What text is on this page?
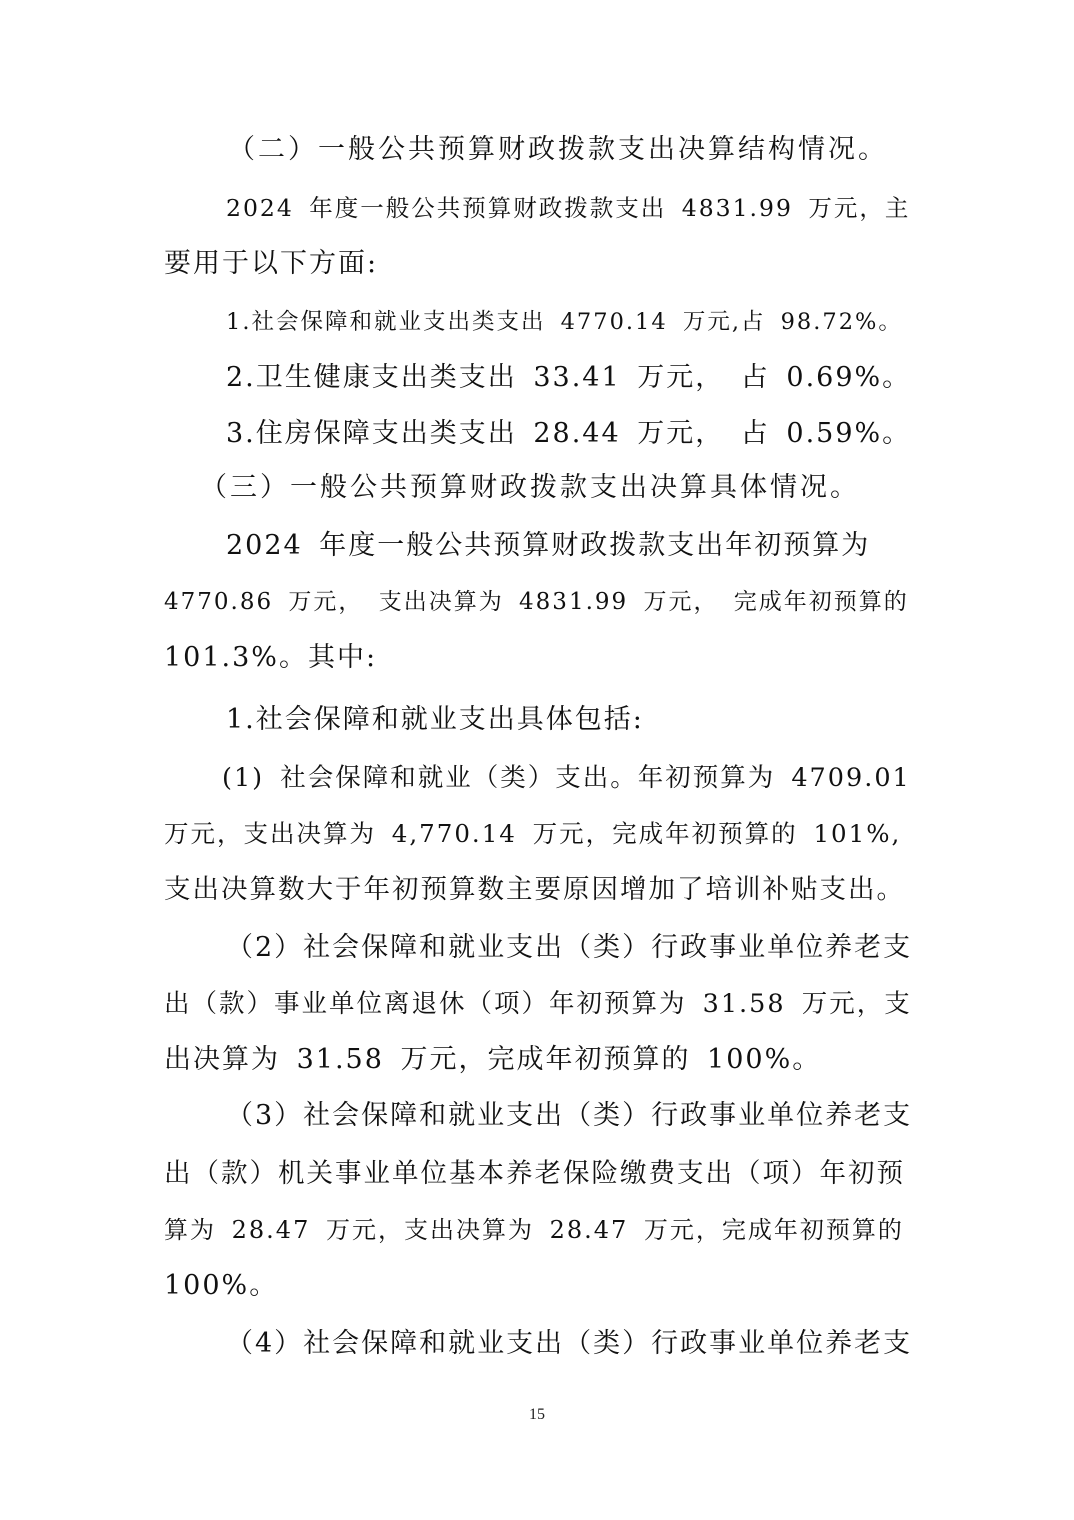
（二）一般公共预算财政拨款支出决算结构情况。
2024 年度一般公共预算财政拨款支出 4831.99 万元，主
要用于以下方面:
1.社会保障和就业支出类支出 4770.14 万元,占 98.72%。
2.卫生健康支出类支出 33.41 万元， 占 0.69%。
3.住房保障支出类支出 28.44 万元， 占 0.59%。
（三）一般公共预算财政拨款支出决算具体情况。
2024 年度一般公共预算财政拨款支出年初预算为
4770.86 万元， 支出决算为 4831.99 万元， 完成年初预算的
101.3%。其中:
1.社会保障和就业支出具体包括:
(1) 社会保障和就业（类）支出。年初预算为 4709.01
万元，支出决算为 4,770.14 万元，完成年初预算的 101%,
支出决算数大于年初预算数主要原因增加了培训补贴支出。
（2）社会保障和就业支出（类）行政事业单位养老支
出（款）事业单位离退休（项）年初预算为 31.58 万元，支
出决算为 31.58 万元，完成年初预算的 100%。
（3）社会保障和就业支出（类）行政事业单位养老支
出（款）机关事业单位基本养老保险缴费支出（项）年初预
算为 28.47 万元，支出决算为 28.47 万元，完成年初预算的
100%。
（4）社会保障和就业支出（类）行政事业单位养老支
15
